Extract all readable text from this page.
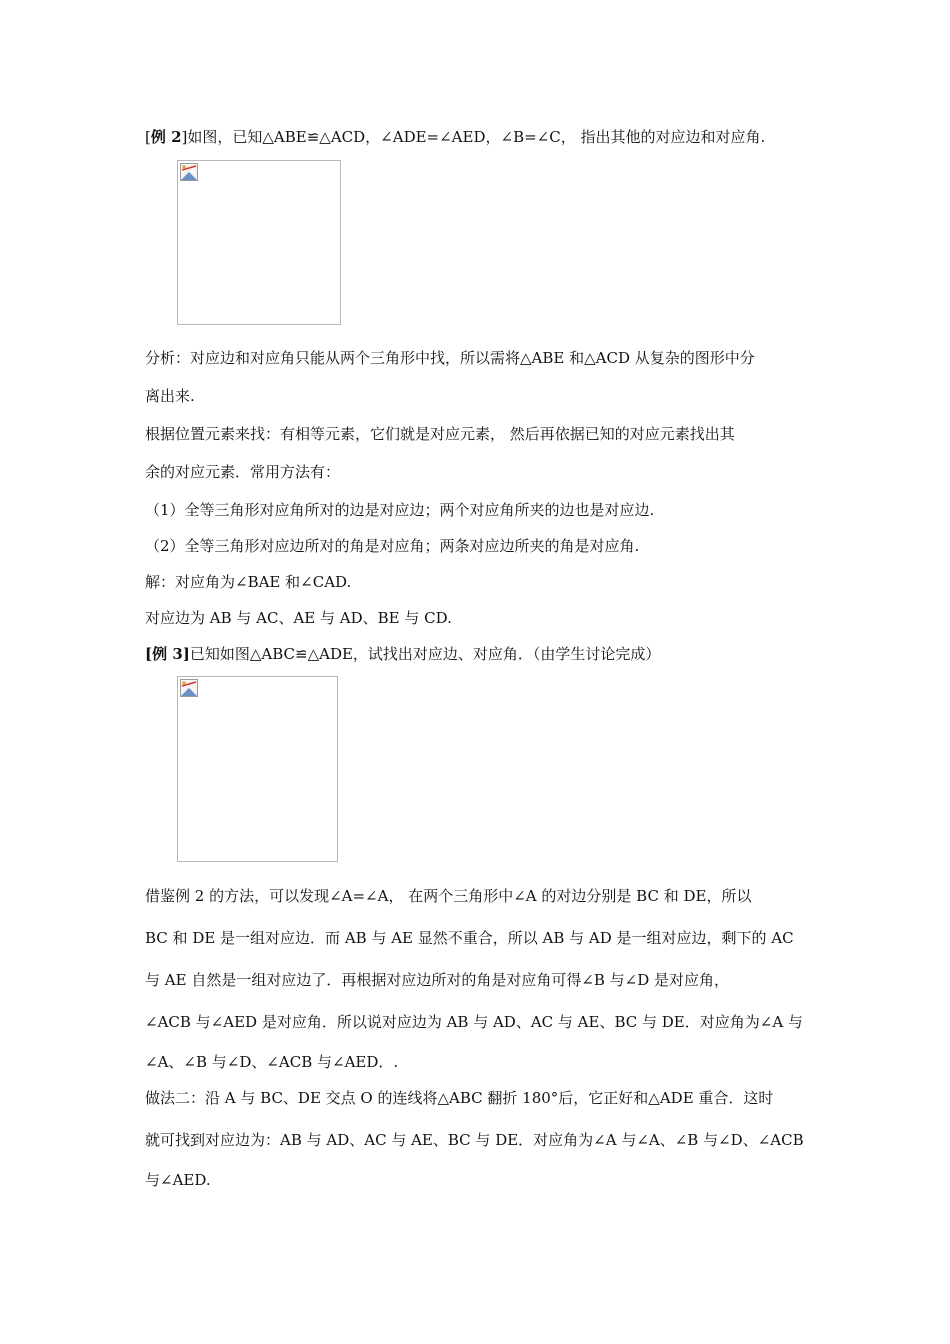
[例 2]如图，已知△ABE≌△ACD，∠ADE=∠AED，∠B=∠C， 指出其他的对应边和对应角.
分析：对应边和对应角只能从两个三角形中找，所以需将△ABE 和△ACD 从复杂的图形中分
离出来.
根据位置元素来找：有相等元素，它们就是对应元素， 然后再依据已知的对应元素找出其
余的对应元素．常用方法有：
（1）全等三角形对应角所对的边是对应边；两个对应角所夹的边也是对应边.
（2）全等三角形对应边所对的角是对应角；两条对应边所夹的角是对应角.
解：对应角为∠BAE 和∠CAD.
对应边为 AB 与 AC、AE 与 AD、BE 与 CD.
[例 3]已知如图△ABC≌△ADE，试找出对应边、对应角．（由学生讨论完成）
借鉴例 2 的方法，可以发现∠A=∠A， 在两个三角形中∠A 的对边分别是 BC 和 DE，所以
BC 和 DE 是一组对应边．而 AB 与 AE 显然不重合，所以 AB 与 AD 是一组对应边，剩下的 AC
与 AE 自然是一组对应边了．再根据对应边所对的角是对应角可得∠B 与∠D 是对应角，
∠ACB 与∠AED 是对应角．所以说对应边为 AB 与 AD、AC 与 AE、BC 与 DE．对应角为∠A 与
∠A、∠B 与∠D、∠ACB 与∠AED．.
做法二：沿 A 与 BC、DE 交点 O 的连线将△ABC 翻折 180°后，它正好和△ADE 重合．这时
就可找到对应边为：AB 与 AD、AC 与 AE、BC 与 DE．对应角为∠A 与∠A、∠B 与∠D、∠ACB
与∠AED.
